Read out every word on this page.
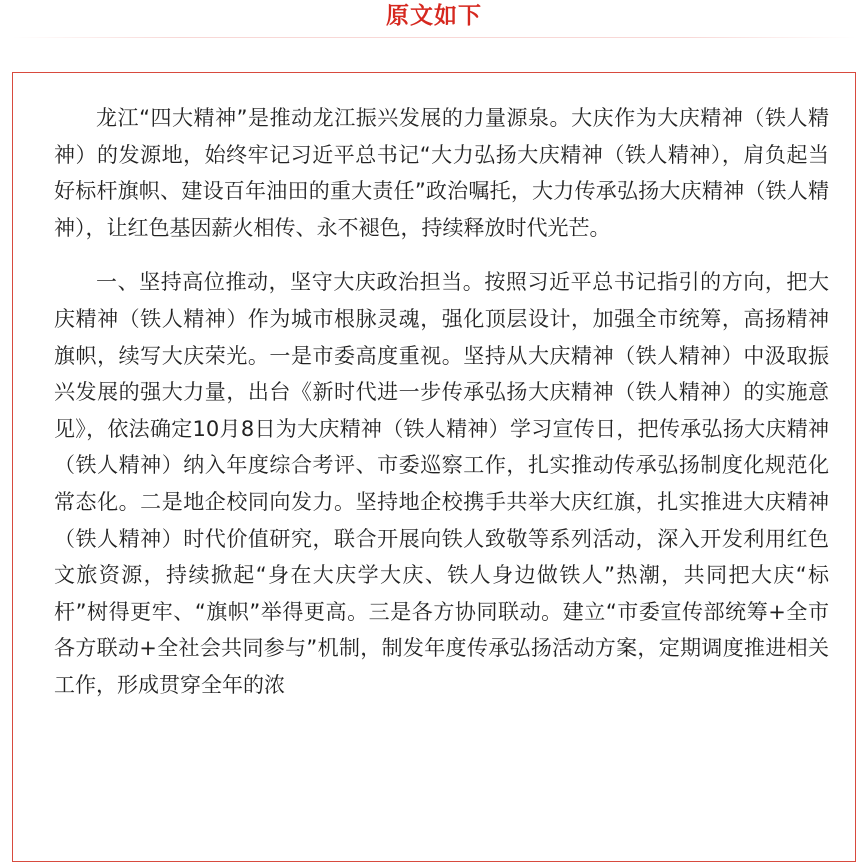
原文如下

龙江“四大精神”是推动龙江振兴发展的力量源泉。大庆作为大庆精神（铁人精神）的发源地，始终牢记习近平总书记“大力弘扬大庆精神（铁人精神），肩负起当好标杆旗帜、建设百年油田的重大责任”政治嘱托，大力传承弘扬大庆精神（铁人精神），让红色基因薪火相传、永不褪色，持续释放时代光芒。

一、坚持高位推动，坚守大庆政治担当。按照习近平总书记指引的方向，把大庆精神（铁人精神）作为城市根脉灵魂，强化顶层设计，加强全市统筹，高扬精神旗帜，续写大庆荣光。一是市委高度重视。坚持从大庆精神（铁人精神）中汲取振兴发展的强大力量，出台《新时代进一步传承弘扬大庆精神（铁人精神）的实施意见》，依法确定10月8日为大庆精神（铁人精神）学习宣传日，把传承弘扬大庆精神（铁人精神）纳入年度综合考评、市委巡察工作，扎实推动传承弘扬制度化规范化常态化。二是地企校同向发力。坚持地企校携手共举大庆红旗，扎实推进大庆精神（铁人精神）时代价值研究，联合开展向铁人致敬等系列活动，深入开发利用红色文旅资源，持续掀起“身在大庆学大庆、铁人身边做铁人”热潮，共同把大庆“标杆”树得更牢、“旗帜”举得更高。三是各方协同联动。建立“市委宣传部统筹+全市各方联动+全社会共同参与”机制，制发年度传承弘扬活动方案，定期调度推进相关工作，形成贯穿全年的浓
